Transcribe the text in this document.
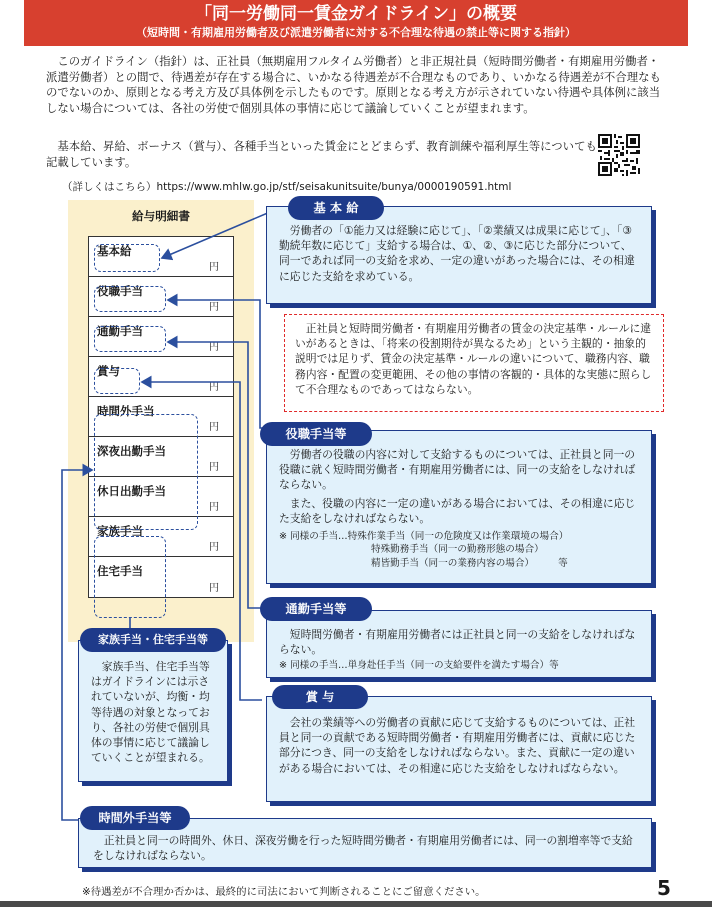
「同一労働同一賃金ガイドライン」の概要
（短時間・有期雇用労働者及び派遣労働者に対する不合理な待遇の禁止等に関する指針）

このガイドライン（指針）は、正社員（無期雇用フルタイム労働者）と非正規社員（短時間労働者・有期雇用労働者・派遣労働者）との間で、待遇差が存在する場合に、いかなる待遇差が不合理なものであり、いかなる待遇差が不合理なものでないのか、原則となる考え方及び具体例を示したものです。原則となる考え方が示されていない待遇や具体例に該当しない場合については、各社の労使で個別具体の事情に応じて議論していくことが望まれます。

基本給、昇給、ボーナス（賞与）、各種手当といった賃金にとどまらず、教育訓練や福利厚生等についても記載しています。
（詳しくはこちら）https://www.mhlw.go.jp/stf/seisakunitsuite/bunya/0000190591.html
給与明細書
基本給
円
役職手当
円
通勤手当
円
賞与
円
時間外手当
円
深夜出勤手当
円
休日出勤手当
円
家族手当
円
住宅手当
円

労働者の「①能力又は経験に応じて」、「②業績又は成果に応じて」、「③勤続年数に応じて」支給する場合は、①、②、③に応じた部分について、同一であれば同一の支給を求め、一定の違いがあった場合には、その相違に応じた支給を求めている。

基 本 給

正社員と短時間労働者・有期雇用労働者の賃金の決定基準・ルールに違いがあるときは、「将来の役割期待が異なるため」という主観的・抽象的説明では足りず、賃金の決定基準・ルールの違いについて、職務内容、職務内容・配置の変更範囲、その他の事情の客観的・具体的な実態に照らして不合理なものであってはならない。

労働者の役職の内容に対して支給するものについては、正社員と同一の役職に就く短時間労働者・有期雇用労働者には、同一の支給をしなければならない。

また、役職の内容に一定の違いがある場合においては、その相違に応じた支給をしなければならない。

※ 同様の手当…特殊作業手当（同一の危険度又は作業環境の場合）
特殊勤務手当（同一の勤務形態の場合）
精皆勤手当（同一の業務内容の場合）　　　等
役職手当等

短時間労働者・有期雇用労働者には正社員と同一の支給をしなければならない。

※ 同様の手当…単身赴任手当（同一の支給要件を満たす場合）等
通勤手当等

会社の業績等への労働者の貢献に応じて支給するものについては、正社員と同一の貢献である短時間労働者・有期雇用労働者には、貢献に応じた部分につき、同一の支給をしなければならない。また、貢献に一定の違いがある場合においては、その相違に応じた支給をしなければならない。

賞 与

家族手当、住宅手当等はガイドラインには示されていないが、均衡・均等待遇の対象となっており、各社の労使で個別具体の事情に応じて議論していくことが望まれる。

家族手当・住宅手当等

正社員と同一の時間外、休日、深夜労働を行った短時間労働者・有期雇用労働者には、同一の割増率等で支給をしなければならない。

時間外手当等
※待遇差が不合理か否かは、最終的に司法において判断されることにご留意ください。	5
